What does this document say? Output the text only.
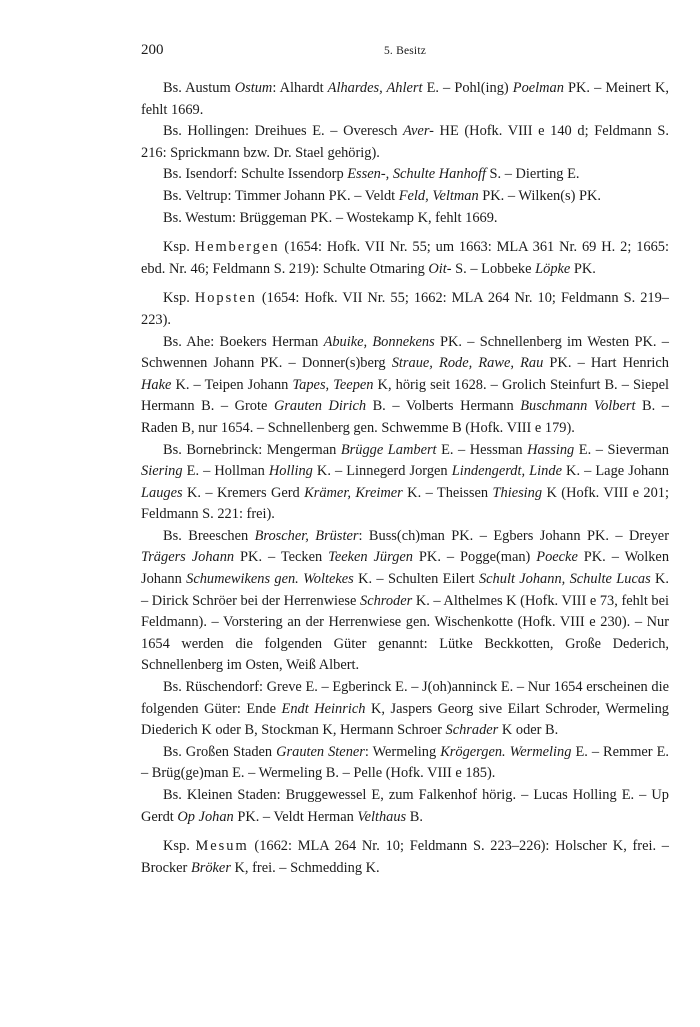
200	5. Besitz

Bs. Austum Ostum: Alhardt Alhardes, Ahlert E. – Pohl(ing) Poelman PK. – Meinert K, fehlt 1669.

Bs. Hollingen: Dreihues E. – Overesch Aver- HE (Hofk. VIII e 140 d; Feldmann S. 216: Sprickmann bzw. Dr. Stael gehörig).

Bs. Isendorf: Schulte Issendorp Essen-, Schulte Hanhoff S. – Dierting E.

Bs. Veltrup: Timmer Johann PK. – Veldt Feld, Veltman PK. – Wilken(s) PK.

Bs. Westum: Brüggeman PK. – Wostekamp K, fehlt 1669.

Ksp. Hembergen (1654: Hofk. VII Nr. 55; um 1663: MLA 361 Nr. 69 H. 2; 1665: ebd. Nr. 46; Feldmann S. 219): Schulte Otmaring Oit- S. – Lobbeke Löpke PK.

Ksp. Hopsten (1654: Hofk. VII Nr. 55; 1662: MLA 264 Nr. 10; Feldmann S. 219–223).

Bs. Ahe: Boekers Herman Abuike, Bonnekens PK. – Schnellenberg im Westen PK. – Schwennen Johann PK. – Donner(s)berg Straue, Rode, Rawe, Rau PK. – Hart Henrich Hake K. – Teipen Johann Tapes, Teepen K, hörig seit 1628. – Grolich Steinfurt B. – Siepel Hermann B. – Grote Grauten Dirich B. – Volberts Hermann Buschmann Volbert B. – Raden B, nur 1654. – Schnellenberg gen. Schwemme B (Hofk. VIII e 179).

Bs. Bornebrinck: Mengerman Brügge Lambert E. – Hessman Hassing E. – Sieverman Siering E. – Hollman Holling K. – Linnegerd Jorgen Lindengerdt, Linde K. – Lage Johann Lauges K. – Kremers Gerd Krämer, Kreimer K. – Theissen Thiesing K (Hofk. VIII e 201; Feldmann S. 221: frei).

Bs. Breeschen Broscher, Brüster: Buss(ch)man PK. – Egbers Johann PK. – Dreyer Trägers Johann PK. – Tecken Teeken Jürgen PK. – Pogge(man) Poecke PK. – Wolken Johann Schumewikens gen. Woltekes K. – Schulten Eilert Schult Johann, Schulte Lucas K. – Dirick Schröer bei der Herrenwiese Schroder K. – Althelmes K (Hofk. VIII e 73, fehlt bei Feldmann). – Vorstering an der Herrenwiese gen. Wischenkotte (Hofk. VIII e 230). – Nur 1654 werden die folgenden Güter genannt: Lütke Beckkotten, Große Dederich, Schnellenberg im Osten, Weiß Albert.

Bs. Rüschendorf: Greve E. – Egberinck E. – J(oh)anninck E. – Nur 1654 erscheinen die folgenden Güter: Ende Endt Heinrich K, Jaspers Georg sive Eilart Schroder, Wermeling Diederich K oder B, Stockman K, Hermann Schroer Schrader K oder B.

Bs. Großen Staden Grauten Stener: Wermeling Krögergen. Wermeling E. – Remmer E. – Brüg(ge)man E. – Wermeling B. – Pelle (Hofk. VIII e 185).

Bs. Kleinen Staden: Bruggewessel E, zum Falkenhof hörig. – Lucas Holling E. – Up Gerdt Op Johan PK. – Veldt Herman Velthaus B.

Ksp. Mesum (1662: MLA 264 Nr. 10; Feldmann S. 223–226): Holscher K, frei. – Brocker Bröker K, frei. – Schmedding K.
